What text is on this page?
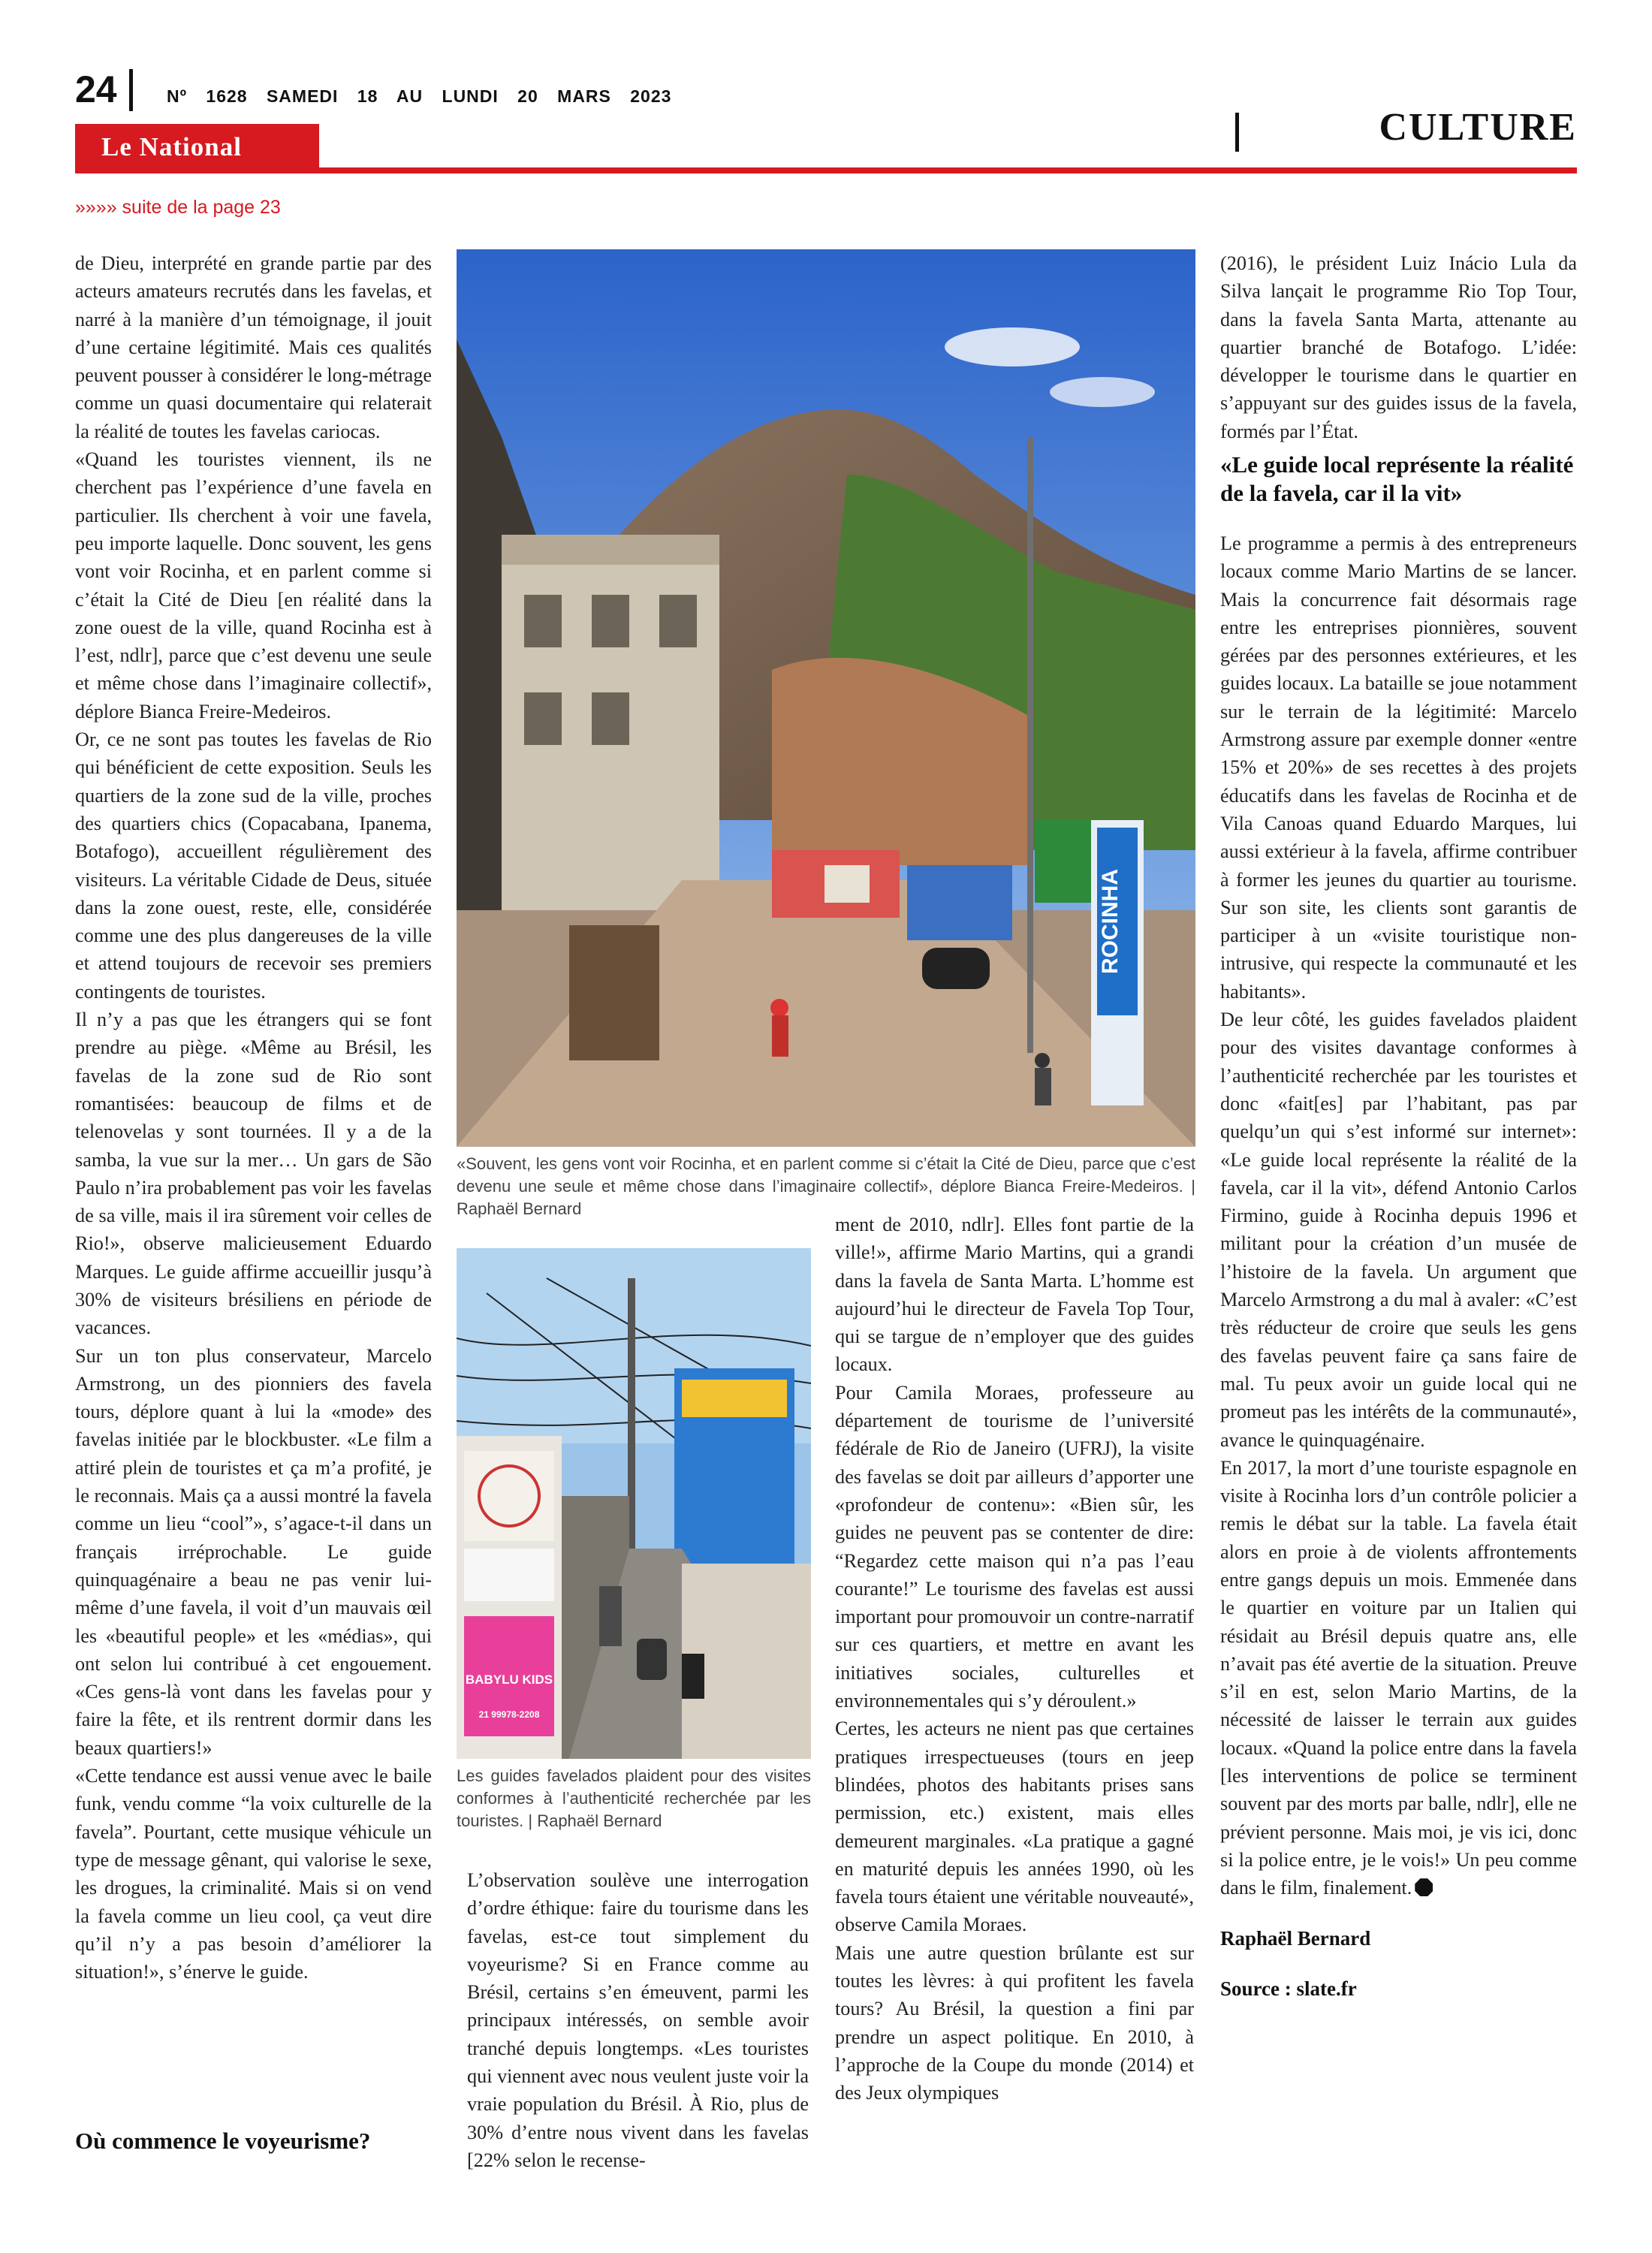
24	Nº 1628 SAMEDI 18 AU LUNDI 20 MARS 2023
CULTURE
Le National
»»»» suite de la page 23

de Dieu, interprété en grande partie par des acteurs amateurs recrutés dans les favelas, et narré à la manière d’un témoignage, il jouit d’une certaine légitimité. Mais ces qualités peuvent pousser à considérer le long-métrage comme un quasi documentaire qui relaterait la réalité de toutes les favelas cariocas.

«Quand les touristes viennent, ils ne cherchent pas l’expérience d’une favela en particulier. Ils cherchent à voir une favela, peu importe laquelle. Donc souvent, les gens vont voir Rocinha, et en parlent comme si c’était la Cité de Dieu [en réalité dans la zone ouest de la ville, quand Rocinha est à l’est, ndlr], parce que c’est devenu une seule et même chose dans l’imaginaire collectif», déplore Bianca Freire-Medeiros.

Or, ce ne sont pas toutes les favelas de Rio qui bénéficient de cette exposition. Seuls les quartiers de la zone sud de la ville, proches des quartiers chics (Copacabana, Ipanema, Botafogo), accueillent régulièrement des visiteurs. La véritable Cidade de Deus, située dans la zone ouest, reste, elle, considérée comme une des plus dangereuses de la ville et attend toujours de recevoir ses premiers contingents de touristes.

Il n’y a pas que les étrangers qui se font prendre au piège. «Même au Brésil, les favelas de la zone sud de Rio sont romantisées: beaucoup de films et de telenovelas y sont tournées. Il y a de la samba, la vue sur la mer… Un gars de São Paulo n’ira probablement pas voir les favelas de sa ville, mais il ira sûrement voir celles de Rio!», observe malicieusement Eduardo Marques. Le guide affirme accueillir jusqu’à 30% de visiteurs brésiliens en période de vacances.

Sur un ton plus conservateur, Marcelo Armstrong, un des pionniers des favela tours, déplore quant à lui la «mode» des favelas initiée par le blockbuster. «Le film a attiré plein de touristes et ça m’a profité, je le reconnais. Mais ça a aussi montré la favela comme un lieu “cool”», s’agace-t-il dans un français irréprochable. Le guide quinquagénaire a beau ne pas venir lui-même d’une favela, il voit d’un mauvais œil les «beautiful people» et les «médias», qui ont selon lui contribué à cet engouement. «Ces gens-là vont dans les favelas pour y faire la fête, et ils rentrent dormir dans les beaux quartiers!»

«Cette tendance est aussi venue avec le baile funk, vendu comme “la voix culturelle de la favela”. Pourtant, cette musique véhicule un type de message gênant, qui valorise le sexe, les drogues, la criminalité. Mais si on vend la favela comme un lieu cool, ça veut dire qu’il n’y a pas besoin d’améliorer la situation!», s’énerve le guide.

Où commence le voyeurisme?
ROCINHA
«Souvent, les gens vont voir Rocinha, et en parlent comme si c’était la Cité de Dieu, parce que c’est devenu une seule et même chose dans l’imaginaire collectif», déplore Bianca Freire-Medeiros. | Raphaël Bernard
BABYLU KIDS
21 99978-2208
Les guides favelados plaident pour des visites conformes à l’authenticité recherchée par les touristes. | Raphaël Bernard

L’observation soulève une interrogation d’ordre éthique: faire du tourisme dans les favelas, est-ce tout simplement du voyeurisme? Si en France comme au Brésil, certains s’en émeuvent, parmi les principaux intéressés, on semble avoir tranché depuis longtemps. «Les touristes qui viennent avec nous veulent juste voir la vraie population du Brésil. À Rio, plus de 30% d’entre nous vivent dans les favelas [22% selon le recense-

ment de 2010, ndlr]. Elles font partie de la ville!», affirme Mario Martins, qui a grandi dans la favela de Santa Marta. L’homme est aujourd’hui le directeur de Favela Top Tour, qui se targue de n’employer que des guides locaux.

Pour Camila Moraes, professeure au département de tourisme de l’université fédérale de Rio de Janeiro (UFRJ), la visite des favelas se doit par ailleurs d’apporter une «profondeur de contenu»: «Bien sûr, les guides ne peuvent pas se contenter de dire: “Regardez cette maison qui n’a pas l’eau courante!” Le tourisme des favelas est aussi important pour promouvoir un contre-narratif sur ces quartiers, et mettre en avant les initiatives sociales, culturelles et environnementales qui s’y déroulent.»

Certes, les acteurs ne nient pas que certaines pratiques irrespectueuses (tours en jeep blindées, photos des habitants prises sans permission, etc.) existent, mais elles demeurent marginales. «La pratique a gagné en maturité depuis les années 1990, où les favela tours étaient une véritable nouveauté», observe Camila Moraes.

Mais une autre question brûlante est sur toutes les lèvres: à qui profitent les favela tours? Au Brésil, la question a fini par prendre un aspect politique. En 2010, à l’approche de la Coupe du monde (2014) et des Jeux olympiques

(2016), le président Luiz Inácio Lula da Silva lançait le programme Rio Top Tour, dans la favela Santa Marta, attenante au quartier branché de Botafogo. L’idée: développer le tourisme dans le quartier en s’appuyant sur des guides issus de la favela, formés par l’État.

«Le guide local représente la réalité de la favela, car il la vit»

Le programme a permis à des entrepreneurs locaux comme Mario Martins de se lancer. Mais la concurrence fait désormais rage entre les entreprises pionnières, souvent gérées par des personnes extérieures, et les guides locaux. La bataille se joue notamment sur le terrain de la légitimité: Marcelo Armstrong assure par exemple donner «entre 15% et 20%» de ses recettes à des projets éducatifs dans les favelas de Rocinha et de Vila Canoas quand Eduardo Marques, lui aussi extérieur à la favela, affirme contribuer à former les jeunes du quartier au tourisme. Sur son site, les clients sont garantis de participer à un «visite touristique non-intrusive, qui respecte la communauté et les habitants».

De leur côté, les guides favelados plaident pour des visites davantage conformes à l’authenticité recherchée par les touristes et donc «fait[es] par l’habitant, pas par quelqu’un qui s’est informé sur internet»: «Le guide local représente la réalité de la favela, car il la vit», défend Antonio Carlos Firmino, guide à Rocinha depuis 1996 et militant pour la création d’un musée de l’histoire de la favela. Un argument que Marcelo Armstrong a du mal à avaler: «C’est très réducteur de croire que seuls les gens des favelas peuvent faire ça sans faire de mal. Tu peux avoir un guide local qui ne promeut pas les intérêts de la communauté», avance le quinquagénaire.

En 2017, la mort d’une touriste espagnole en visite à Rocinha lors d’un contrôle policier a remis le débat sur la table. La favela était alors en proie à de violents affrontements entre gangs depuis un mois. Emmenée dans le quartier en voiture par un Italien qui résidait au Brésil depuis quatre ans, elle n’avait pas été avertie de la situation. Preuve s’il en est, selon Mario Martins, de la nécessité de laisser le terrain aux guides locaux. «Quand la police entre dans la favela [les interventions de police se terminent souvent par des morts par balle, ndlr], elle ne prévient personne. Mais moi, je vis ici, donc si la police entre, je le vois!» Un peu comme dans le film, finalement.

Raphaël Bernard

Source : slate.fr
